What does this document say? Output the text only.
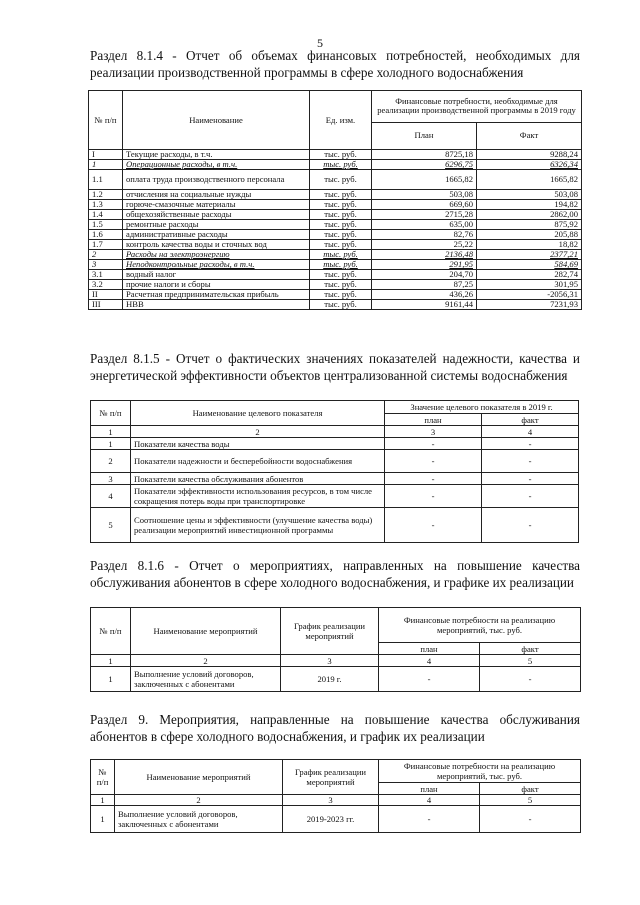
5
Раздел 8.1.4 - Отчет об объемах финансовых потребностей, необходимых для реализации производственной программы в сфере холодного водоснабжения
№ п/п	Наименование	Ед. изм.	Финансовые потребности, необходимые для реализации производственной программы в 2019 году	
			План	Факт
I	Текущие расходы, в т.ч.	тыс. руб.	8725,18	9288,24
1	Операционные расходы, в т.ч.	тыс. руб.	6296,75	6326,34
1.1	оплата труда производственного персонала	тыс. руб.	1665,82	1665,82
1.2	отчисления на социальные нужды	тыс. руб.	503,08	503,08
1.3	горюче-смазочные материалы	тыс. руб.	669,60	194,82
1.4	общехозяйственные расходы	тыс. руб.	2715,28	2862,00
1.5	ремонтные расходы	тыс. руб.	635,00	875,92
1.6	административные расходы	тыс. руб.	82,76	205,88
1.7	контроль качества воды и сточных вод	тыс. руб.	25,22	18,82
2	Расходы на электроэнергию	тыс. руб.	2136,48	2377,21
3	Неподконтрольные расходы, в т.ч.	тыс. руб.	291,95	584,69
3.1	водный налог	тыс. руб.	204,70	282,74
3.2	прочие налоги и сборы	тыс. руб.	87,25	301,95
II	Расчетная предпринимательская прибыль	тыс. руб.	436,26	-2056,31
III	НВВ	тыс. руб.	9161,44	7231,93
Раздел 8.1.5 - Отчет о фактических значениях показателей надежности, качества и энергетической эффективности объектов централизованной системы водоснабжения
№ п/п	Наименование целевого показателя	Значение целевого показателя в 2019 г.	
		план	факт
1	2	3	4
1	Показатели качества воды	-	-
2	Показатели надежности и бесперебойности водоснабжения	-	-
3	Показатели качества обслуживания абонентов	-	-
4	Показатели эффективности использования ресурсов, в том числе сокращения потерь воды при транспортировке	-	-
5	Соотношение цены и эффективности (улучшение качества воды) реализации мероприятий инвестиционной программы	-	-
Раздел 8.1.6 - Отчет о мероприятиях, направленных на повышение качества обслуживания абонентов в сфере холодного водоснабжения, и графике их реализации
№ п/п	Наименование мероприятий	График реализации мероприятий	Финансовые потребности на реализацию мероприятий, тыс. руб.	
			план	факт
1	2	3	4	5
1	Выполнение условий договоров, заключенных с абонентами	2019 г.	-	-
Раздел 9. Мероприятия, направленные на повышение качества обслуживания абонентов в сфере холодного водоснабжения, и график их реализации
№ п/п	Наименование мероприятий	График реализации мероприятий	Финансовые потребности на реализацию мероприятий, тыс. руб.	
			план	факт
1	2	3	4	5
1	Выполнение условий договоров, заключенных с абонентами	2019-2023 гг.	-	-
